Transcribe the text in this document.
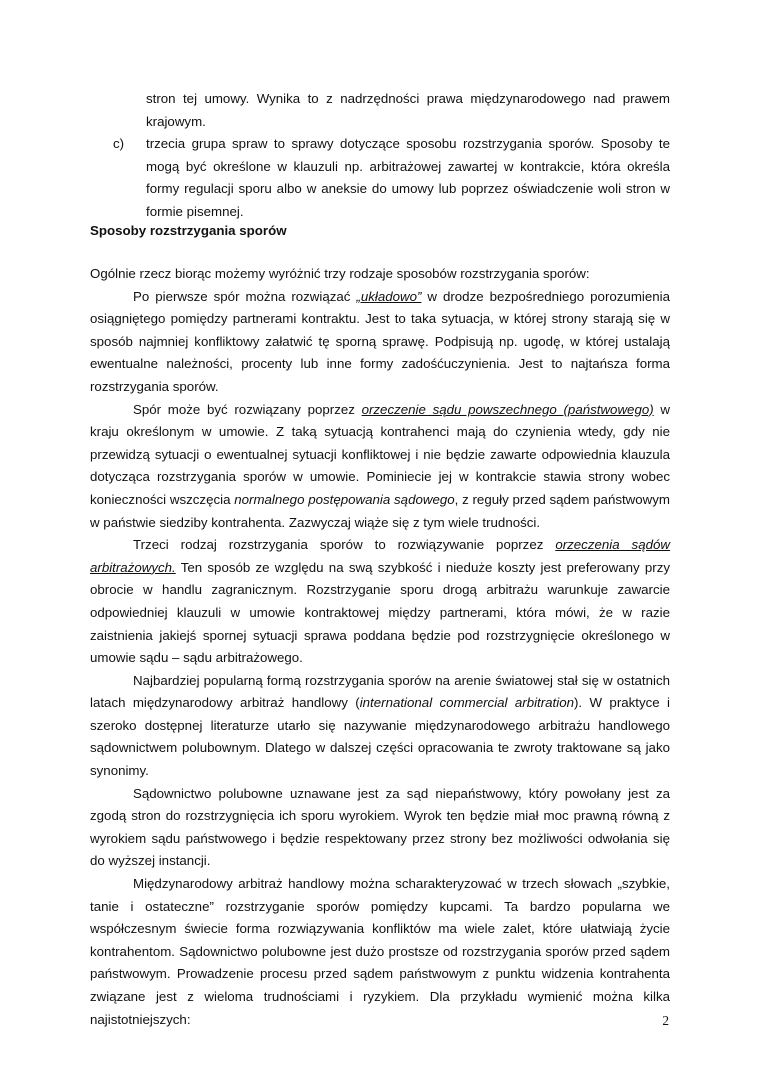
stron tej umowy. Wynika to z nadrzędności prawa międzynarodowego nad prawem krajowym.

c) trzecia grupa spraw to sprawy dotyczące sposobu rozstrzygania sporów. Sposoby te mogą być określone w klauzuli np. arbitrażowej zawartej w kontrakcie, która określa formy regulacji sporu albo w aneksie do umowy lub poprzez oświadczenie woli stron w formie pisemnej.

Sposoby rozstrzygania sporów

Ogólnie rzecz biorąc możemy wyróżnić trzy rodzaje sposobów rozstrzygania sporów:

Po pierwsze spór można rozwiązać „układowo” w drodze bezpośredniego porozumienia osiągniętego pomiędzy partnerami kontraktu. Jest to taka sytuacja, w której strony starają się w sposób najmniej konfliktowy załatwić tę sporną sprawę. Podpisują np. ugodę, w której ustalają ewentualne należności, procenty lub inne formy zadośćuczynienia. Jest to najtańsza forma rozstrzygania sporów.

Spór może być rozwiązany poprzez orzeczenie sądu powszechnego (państwowego) w kraju określonym w umowie. Z taką sytuacją kontrahenci mają do czynienia wtedy, gdy nie przewidzą sytuacji o ewentualnej sytuacji konfliktowej i nie będzie zawarte odpowiednia klauzula dotycząca rozstrzygania sporów w umowie. Pominiecie jej w kontrakcie stawia strony wobec konieczności wszczęcia normalnego postępowania sądowego, z reguły przed sądem państwowym w państwie siedziby kontrahenta. Zazwyczaj wiąże się z tym wiele trudności.

Trzeci rodzaj rozstrzygania sporów to rozwiązywanie poprzez orzeczenia sądów arbitrażowych. Ten sposób ze względu na swą szybkość i nieduże koszty jest preferowany przy obrocie w handlu zagranicznym. Rozstrzyganie sporu drogą arbitrażu warunkuje zawarcie odpowiedniej klauzuli w umowie kontraktowej między partnerami, która mówi, że w razie zaistnienia jakiejś spornej sytuacji sprawa poddana będzie pod rozstrzygnięcie określonego w umowie sądu – sądu arbitrażowego.

Najbardziej popularną formą rozstrzygania sporów na arenie światowej stał się w ostatnich latach międzynarodowy arbitraż handlowy (international commercial arbitration). W praktyce i szeroko dostępnej literaturze utarło się nazywanie międzynarodowego arbitrażu handlowego sądownictwem polubownym. Dlatego w dalszej części opracowania te zwroty traktowane są jako synonimy.

Sądownictwo polubowne uznawane jest za sąd niepaństwowy, który powołany jest za zgodą stron do rozstrzygnięcia ich sporu wyrokiem. Wyrok ten będzie miał moc prawną równą z wyrokiem sądu państwowego i będzie respektowany przez strony bez możliwości odwołania się do wyższej instancji.

Międzynarodowy arbitraż handlowy można scharakteryzować w trzech słowach „szybkie, tanie i ostateczne” rozstrzyganie sporów pomiędzy kupcami. Ta bardzo popularna we współczesnym świecie forma rozwiązywania konfliktów ma wiele zalet, które ułatwiają życie kontrahentom. Sądownictwo polubowne jest dużo prostsze od rozstrzygania sporów przed sądem państwowym. Prowadzenie procesu przed sądem państwowym z punktu widzenia kontrahenta związane jest z wieloma trudnościami i ryzykiem. Dla przykładu wymienić można kilka najistotniejszych:	2
